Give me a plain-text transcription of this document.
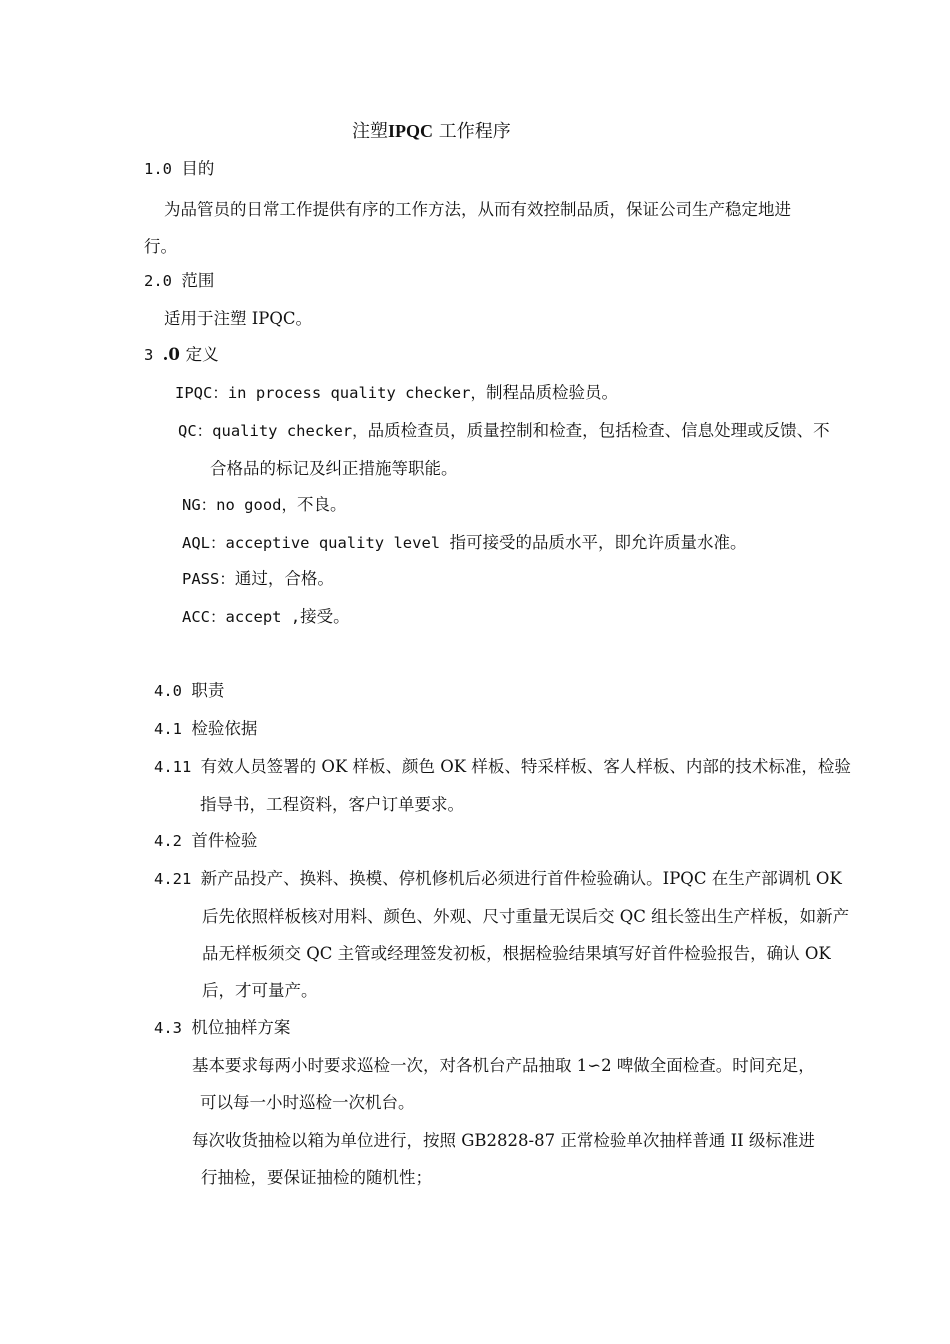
注塑IPQC 工作程序
1.0 目的
为品管员的日常工作提供有序的工作方法，从而有效控制品质，保证公司生产稳定地进行。
2.0 范围
适用于注塑 IPQC。
3 .0 定义
IPQC：in process quality checker，制程品质检验员。
QC：quality checker，品质检查员，质量控制和检查，包括检查、信息处理或反馈、不合格品的标记及纠正措施等职能。
NG：no good，不良。
AQL：acceptive quality level 指可接受的品质水平，即允许质量水准。
PASS：通过，合格。
ACC：accept ,接受。
4.0 职责
4.1 检验依据
4.11 有效人员签署的 OK 样板、颜色 OK 样板、特采样板、客人样板、内部的技术标准，检验指导书，工程资料，客户订单要求。
4.2 首件检验
4.21 新产品投产、换料、换模、停机修机后必须进行首件检验确认。IPQC 在生产部调机 OK 后先依照样板核对用料、颜色、外观、尺寸重量无误后交 QC 组长签出生产样板，如新产品无样板须交 QC 主管或经理签发初板，根据检验结果填写好首件检验报告，确认 OK 后，才可量产。
4.3 机位抽样方案
基本要求每两小时要求巡检一次，对各机台产品抽取 1∽2 啤做全面检查。时间充足，可以每一小时巡检一次机台。
每次收货抽检以箱为单位进行，按照 GB2828-87 正常检验单次抽样普通 II 级标准进行抽检，要保证抽检的随机性；
